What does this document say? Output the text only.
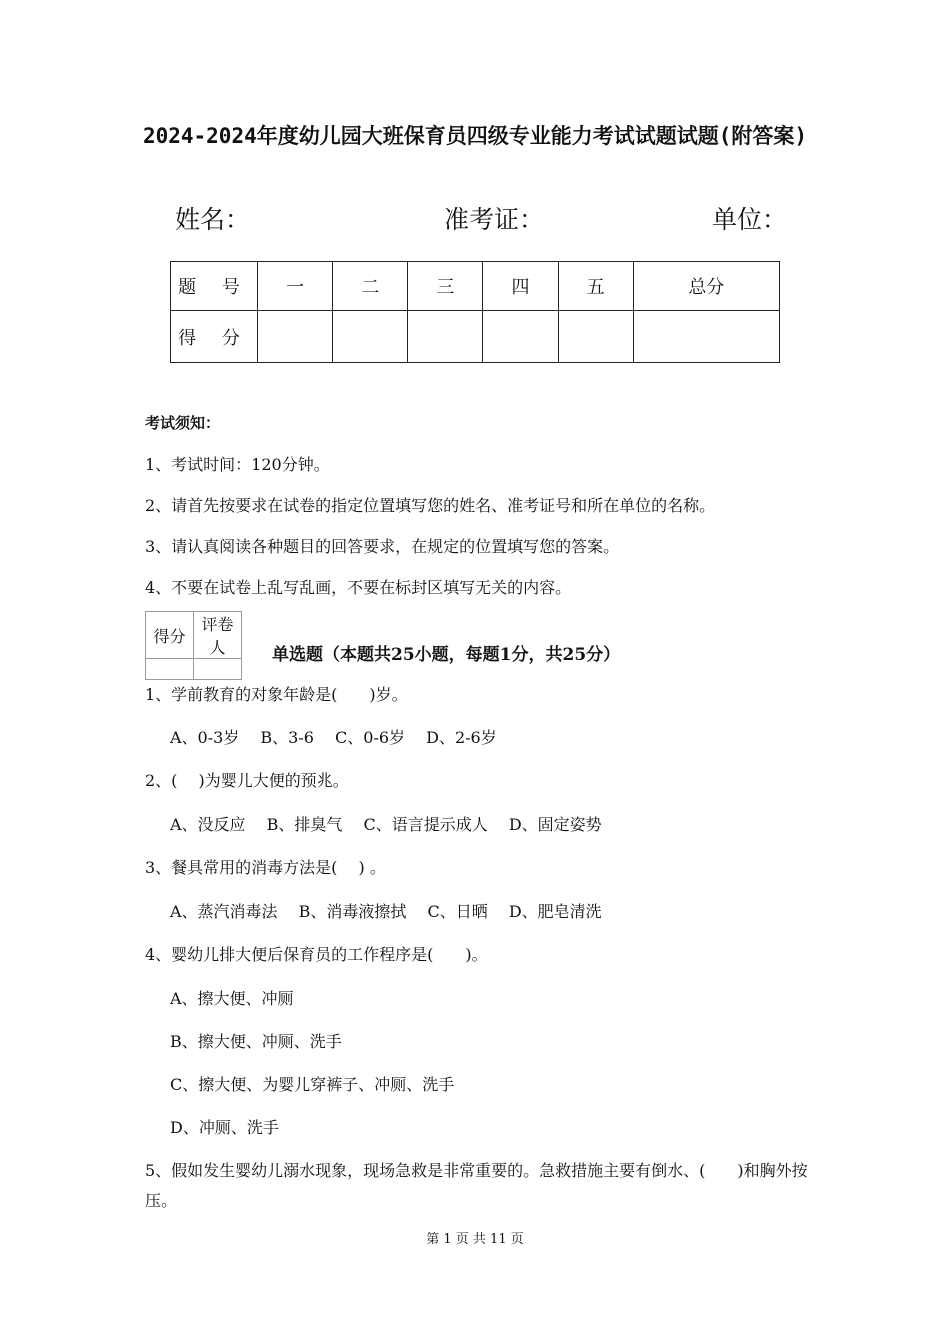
2024-2024年度幼儿园大班保育员四级专业能力考试试题试题(附答案)
姓名：	准考证：	单位：
题 号	一	二	三	四	五	总分
得 分						
考试须知：
1、考试时间：120分钟。
2、请首先按要求在试卷的指定位置填写您的姓名、准考证号和所在单位的名称。
3、请认真阅读各种题目的回答要求，在规定的位置填写您的答案。
4、不要在试卷上乱写乱画，不要在标封区填写无关的内容。
得分	评卷人
		单选题（本题共25小题，每题1分，共25分）
1、学前教育的对象年龄是(　　)岁。
A、0-3岁　 B、3-6　 C、0-6岁　 D、2-6岁
2、(　 )为婴儿大便的预兆。
A、没反应　 B、排臭气　 C、语言提示成人　 D、固定姿势
3、餐具常用的消毒方法是(　 ) 。
A、蒸汽消毒法　 B、消毒液擦拭　 C、日晒　 D、肥皂清洗
4、婴幼儿排大便后保育员的工作程序是(　　)。
A、擦大便、冲厕
B、擦大便、冲厕、洗手
C、擦大便、为婴儿穿裤子、冲厕、洗手
D、冲厕、洗手
5、假如发生婴幼儿溺水现象，现场急救是非常重要的。急救措施主要有倒水、(　　)和胸外按压。
第 1 页 共 11 页
